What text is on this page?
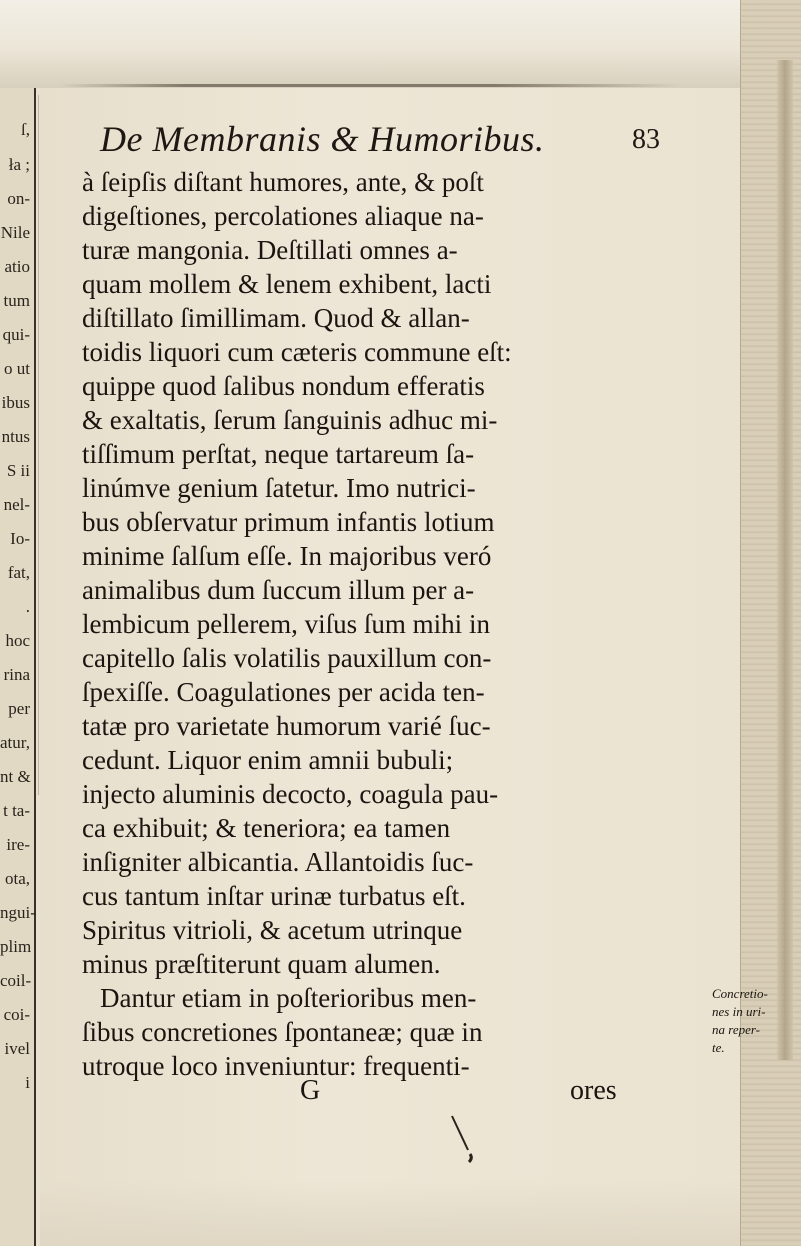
ſ,
ła ;
on-
Nile
atio
tum
qui-
o ut
ibus
ntus
S ii
nel-
Io-
fat,
.
hoc
rina
per
atur,
nt &
t ta-
ire-
ota,
ngui-
plim
coil-
coi-
ivel
i
De Membranis & Humoribus.	83
à ſeipſis diſtant humores, ante, & poſt
digeſtiones, percolationes aliaque na-
turæ mangonia. Deſtillati omnes a-
quam mollem & lenem exhibent, lacti
diſtillato ſimillimam. Quod & allan-
toidis liquori cum cæteris commune eſt:
quippe quod ſalibus nondum efferatis
& exaltatis, ſerum ſanguinis adhuc mi-
tiſſimum perſtat, neque tartareum ſa-
linúmve genium ſatetur. Imo nutrici-
bus obſervatur primum infantis lotium
minime ſalſum eſſe. In majoribus veró
animalibus dum ſuccum illum per a-
lembicum pellerem, viſus ſum mihi in
capitello ſalis volatilis pauxillum con-
ſpexiſſe. Coagulationes per acida ten-
tatæ pro varietate humorum varié ſuc-
cedunt. Liquor enim amnii bubuli;
injecto aluminis decocto, coagula pau-
ca exhibuit; & teneriora; ea tamen
inſigniter albicantia. Allantoidis ſuc-
cus tantum inſtar urinæ turbatus eſt.
Spiritus vitrioli, & acetum utrinque
minus præſtiterunt quam alumen.
Dantur etiam in poſterioribus men-
ſibus concretiones ſpontaneæ; quæ in
utroque loco inveniuntur: frequenti-
Concretio-
nes in uri-
na reper-
te.
G	ores
